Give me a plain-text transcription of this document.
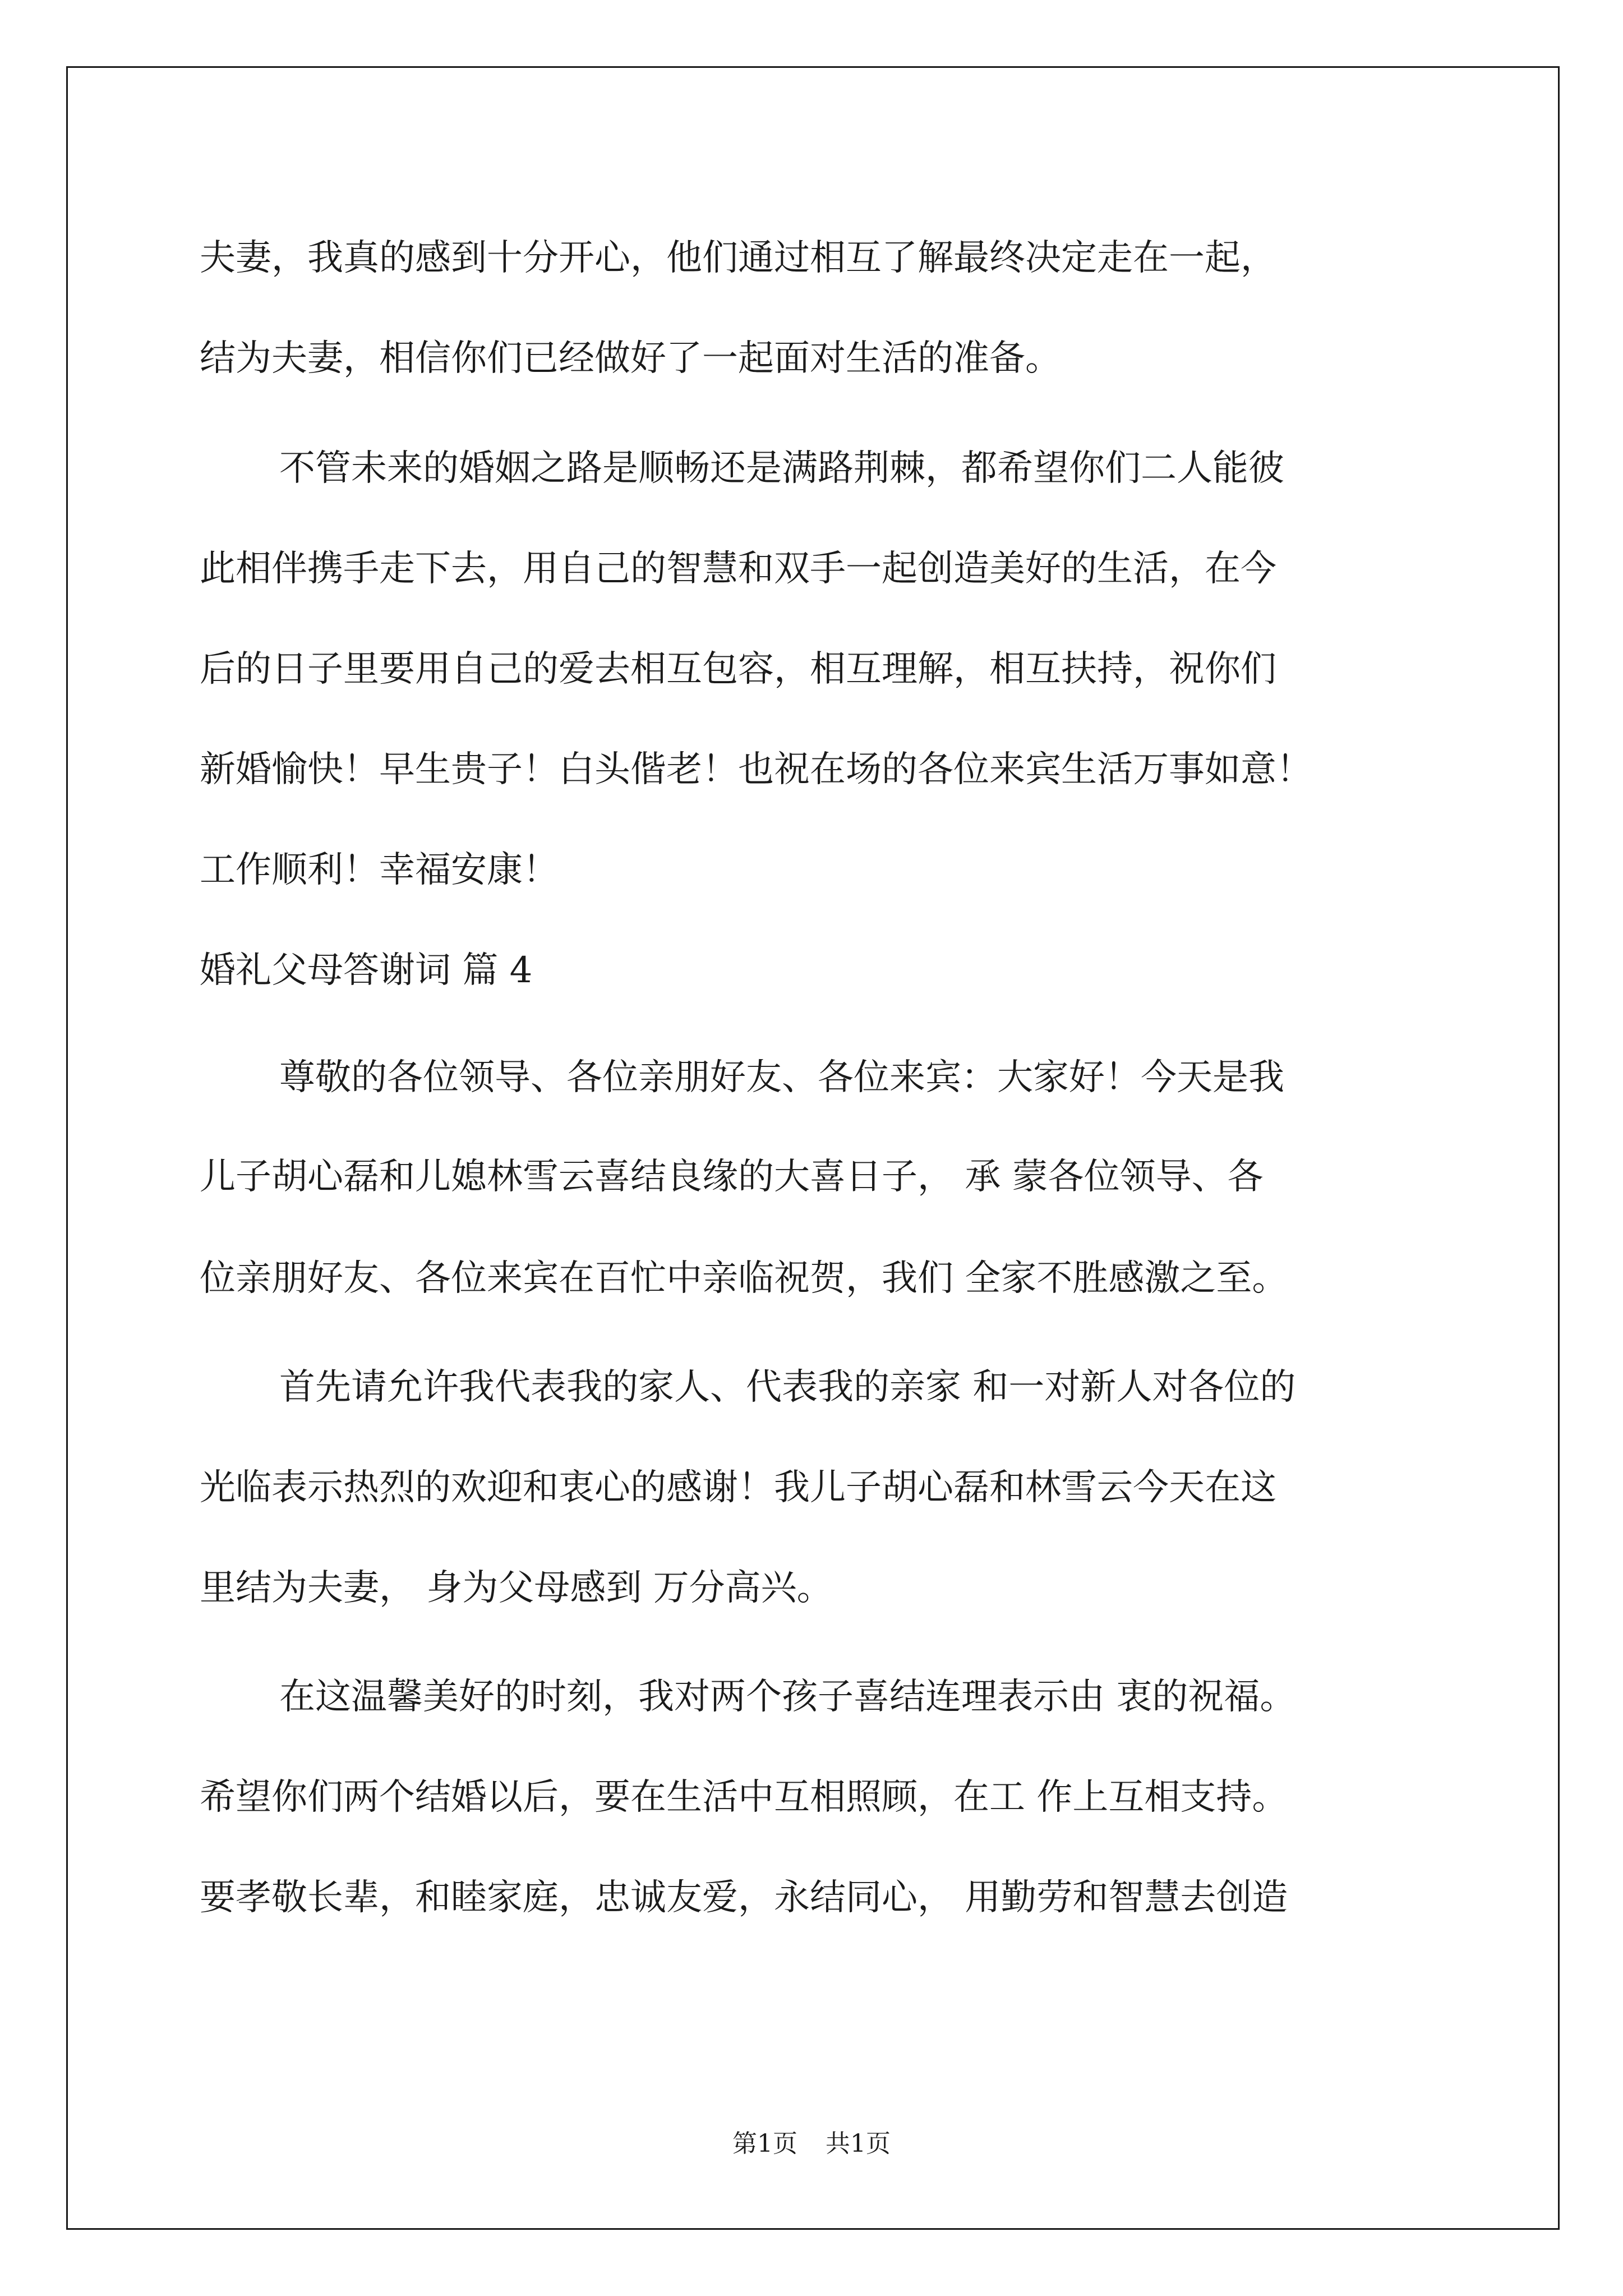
夫妻，我真的感到十分开心，他们通过相互了解最终决定走在一起，

结为夫妻，相信你们已经做好了一起面对生活的准备。

不管未来的婚姻之路是顺畅还是满路荆棘，都希望你们二人能彼

此相伴携手走下去，用自己的智慧和双手一起创造美好的生活，在今

后的日子里要用自己的爱去相互包容，相互理解，相互扶持，祝你们

新婚愉快！早生贵子！白头偕老！也祝在场的各位来宾生活万事如意！

工作顺利！幸福安康！

婚礼父母答谢词 篇 4

尊敬的各位领导、各位亲朋好友、各位来宾：大家好！今天是我

儿子胡心磊和儿媳林雪云喜结良缘的大喜日子， 承 蒙各位领导、各

位亲朋好友、各位来宾在百忙中亲临祝贺，我们 全家不胜感激之至。

首先请允许我代表我的家人、代表我的亲家 和一对新人对各位的

光临表示热烈的欢迎和衷心的感谢！我儿子胡心磊和林雪云今天在这

里结为夫妻， 身为父母感到 万分高兴。

在这温馨美好的时刻，我对两个孩子喜结连理表示由 衷的祝福。

希望你们两个结婚以后，要在生活中互相照顾，在工 作上互相支持。

要孝敬长辈，和睦家庭，忠诚友爱，永结同心， 用勤劳和智慧去创造

第1页 共1页
